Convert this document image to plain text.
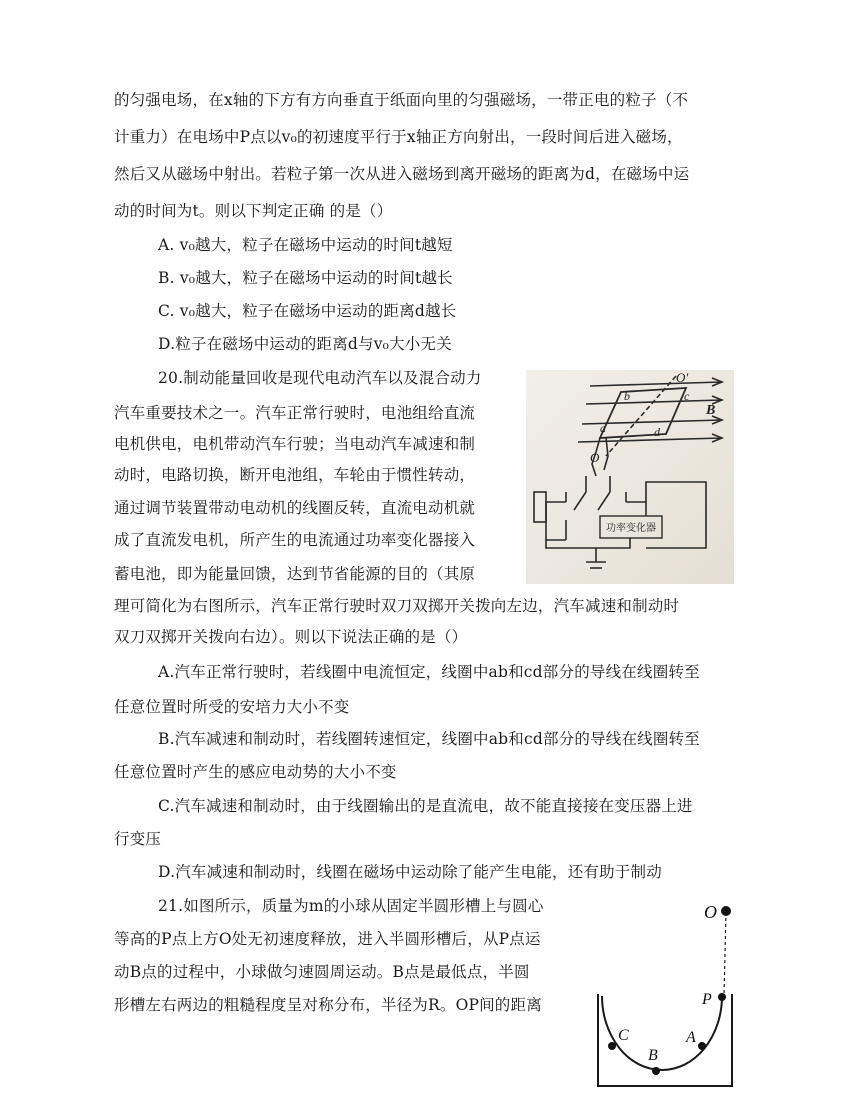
的匀强电场，在x轴的下方有方向垂直于纸面向里的匀强磁场，一带正电的粒子（不
计重力）在电场中P点以v₀的初速度平行于x轴正方向射出，一段时间后进入磁场，
然后又从磁场中射出。若粒子第一次从进入磁场到离开磁场的距离为d，在磁场中运
动的时间为t。则以下判定正确 的是（）
A. v₀越大，粒子在磁场中运动的时间t越短
B. v₀越大，粒子在磁场中运动的时间t越长
C. v₀越大，粒子在磁场中运动的距离d越长
D.粒子在磁场中运动的距离d与v₀大小无关
20.制动能量回收是现代电动汽车以及混合动力
汽车重要技术之一。汽车正常行驶时，电池组给直流
电机供电，电机带动汽车行驶；当电动汽车减速和制
动时，电路切换，断开电池组，车轮由于惯性转动，
通过调节装置带动电动机的线圈反转，直流电动机就
成了直流发电机，所产生的电流通过功率变化器接入
蓄电池，即为能量回馈，达到节省能源的目的（其原
理可简化为右图所示，汽车正常行驶时双刀双掷开关拨向左边，汽车减速和制动时
双刀双掷开关拨向右边）。则以下说法正确的是（）
A.汽车正常行驶时，若线圈中电流恒定，线圈中ab和cd部分的导线在线圈转至
任意位置时所受的安培力大小不变
B.汽车减速和制动时，若线圈转速恒定，线圈中ab和cd部分的导线在线圈转至
任意位置时产生的感应电动势的大小不变
C.汽车减速和制动时，由于线圈输出的是直流电，故不能直接接在变压器上进
行变压
D.汽车减速和制动时，线圈在磁场中运动除了能产生电能，还有助于制动
21.如图所示，质量为m的小球从固定半圆形槽上与圆心
等高的P点上方O处无初速度释放，进入半圆形槽后，从P点运
动B点的过程中，小球做匀速圆周运动。B点是最低点，半圆
形槽左右两边的粗糙程度呈对称分布，半径为R。OP间的距离
O'
O
a
b	c
d
B
功率变化器
O
P
A
B
C
